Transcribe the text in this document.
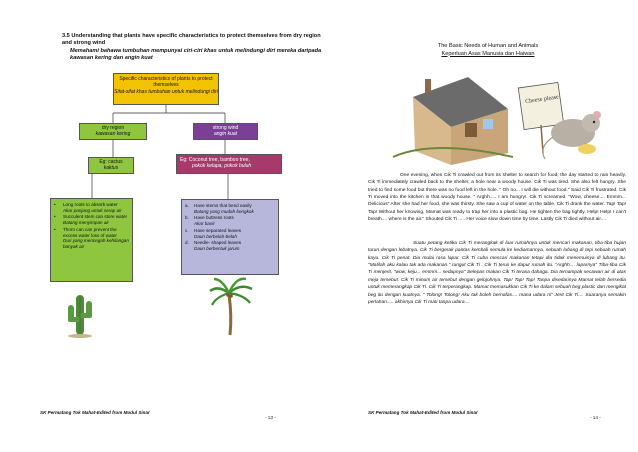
3.5 Understanding that plants have specific characteristics to protect themselves from dry region and strong wind
Memahami bahawa tumbuhan mempunyai ciri-ciri khas untuk melindungi diri mereka daripada kawasan kering dan angin kuat
Specific characteristics of plants to protect themselves
Sifat-sifat khas tumbuhan untuk melindungi diri
dry region
kawasan kering
strong wind
angin kuat
Eg: cactus
kaktus
Eg: Coconut tree, bamboo tree,
pokok kelapa, pokok buluh
•	Long roots to absorb water
Akar panjang untuk serap air
•	Succulent stem can store water
Batang menyimpan air
•	Thorn can can prevent the excess water loss of water
Duri yang mencegah kehilangan banyak air
a.	Have stems that bend easily
Batang yang mudah bengkok
b.	Have buttress roots
Akar banir
c.	Have separated leaves
Daun berbelah-belah
d.	Needle- shaped leaves
Daun berbentuk jarum
SK Permatang Tok Mahat-Edited from Modul Sinar
- 13 -
The Basic Needs of Human and Animals
Keperluan Asas Manusia dan Haiwan
Cheese please
One evening, when Cik Ti crawled out from its shelter to search for food, the day started to rain heavily. Cik Ti immediately crawled back to the shelter, a hole near a woody house. Cik Ti was tired. She also felt hungry. She tried to find some food but there was no food left in the hole. " Oh no... I will die without food." Said Cik Ti frustrated. Cik Ti moved into the kitchen in that woody house. " Arghh..... I am hungry!. Cik Ti screamed. "Wow, cheese.... Emmm... Delicious" After she had her food, she was thirsty. She saw a cup of water on the table. Cik Ti drank the water. Tap! Tap! Tap! Without her knowing, Mamat was ready to trap her into a plastic bag. He tighten the bag tightly. Help! Help! I can't breath.... where is the air." Shouted Cik Ti ..... Her voice slow down time by time. Lastly Cik Ti died without air....
Suatu petang ketika Cik Ti merangkak di luar rumahnya untuk mencari makanan, tiba-tiba hujan turun dengan lebatnya. Cik Ti bergerak pantas kembali semula ke kediamannya, sebuah lubang di tepi sebuah rumah kayu. Cik Ti penat. Dia mulai rasa lapar. Cik Ti cuba mencari makanan tetapi dia tidak menemuinya di lubang itu. "Matilah aku kalau tak ada makanan." rungut Cik Ti . Cik Ti terus ke dapur rumah itu. "Arghh.... laparnya" Tiba-tiba Cik Ti menjerit, "wow, keju... emmm... sedapnya" Selepas makan Cik Ti terasa dahaga. Dia ternampak secawan air di atas meja tersebut. Cik Ti minum air tersebut dengan gelojohnya. Tap! Tap! Tap! Tanpa disedarinya Mamat telah bersedia untuk memerangkap Cik Ti. Cik Ti terperangkap. Mamat memasukkan Cik Ti ke dalam sebuah beg plastic dan mengikat beg itu dengan kuatnya. " Tolong! Tolong! Aku tak boleh bernafas.... mana udara ni" Jerit Cik Ti.... Suaranya semakin perlahan..... akhirnya Cik Ti mati tanpa udara....
SK Permatang Tok Mahat-Edited from Modul Sinar
- 14 -
